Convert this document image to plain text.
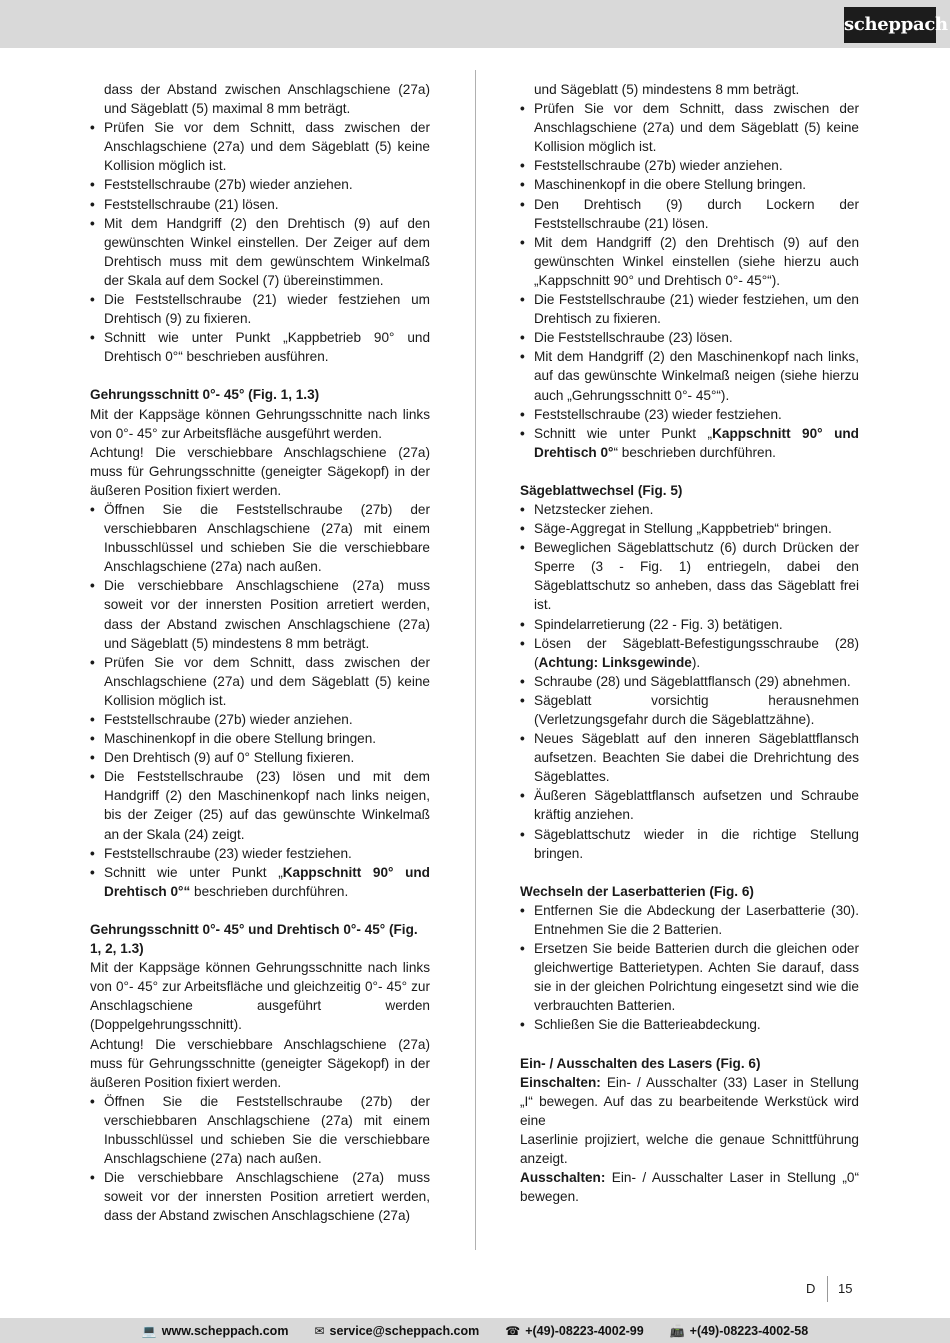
scheppach
dass der Abstand zwischen Anschlagschiene (27a) und Sägeblatt (5) maximal 8 mm beträgt.
• Prüfen Sie vor dem Schnitt, dass zwischen der Anschlagschiene (27a) und dem Sägeblatt (5) keine Kollision möglich ist.
• Feststellschraube (27b) wieder anziehen.
• Feststellschraube (21) lösen.
• Mit dem Handgriff (2) den Drehtisch (9) auf den gewünschten Winkel einstellen. Der Zeiger auf dem Drehtisch muss mit dem gewünschtem Winkelmaß der Skala auf dem Sockel (7) übereinstimmen.
• Die Feststellschraube (21) wieder festziehen um Drehtisch (9) zu fixieren.
• Schnitt wie unter Punkt „Kappbetrieb 90° und Drehtisch 0°“ beschrieben ausführen.
Gehrungsschnitt 0°- 45° (Fig. 1, 1.3)
Mit der Kappsäge können Gehrungsschnitte nach links von 0°- 45° zur Arbeitsfläche ausgeführt werden.
Achtung! Die verschiebbare Anschlagschiene (27a) muss für Gehrungsschnitte (geneigter Sägekopf) in der äußeren Position fixiert werden.
• Öffnen Sie die Feststellschraube (27b) der verschiebbaren Anschlagschiene (27a) mit einem Inbusschlüssel und schieben Sie die verschiebbare Anschlagschiene (27a) nach außen.
• Die verschiebbare Anschlagschiene (27a) muss soweit vor der innersten Position arretiert werden, dass der Abstand zwischen Anschlagschiene (27a) und Sägeblatt (5) mindestens 8 mm beträgt.
• Prüfen Sie vor dem Schnitt, dass zwischen der Anschlagschiene (27a) und dem Sägeblatt (5) keine Kollision möglich ist.
• Feststellschraube (27b) wieder anziehen.
• Maschinenkopf in die obere Stellung bringen.
• Den Drehtisch (9) auf 0° Stellung fixieren.
• Die Feststellschraube (23) lösen und mit dem Handgriff (2) den Maschinenkopf nach links neigen, bis der Zeiger (25) auf das gewünschte Winkelmaß an der Skala (24) zeigt.
• Feststellschraube (23) wieder festziehen.
• Schnitt wie unter Punkt „Kappschnitt 90° und Drehtisch 0°“ beschrieben durchführen.
Gehrungsschnitt 0°- 45° und Drehtisch 0°- 45° (Fig. 1, 2, 1.3)
Mit der Kappsäge können Gehrungsschnitte nach links von 0°- 45° zur Arbeitsfläche und gleichzeitig 0°- 45° zur Anschlagschiene ausgeführt werden (Doppelgehrungsschnitt).
Achtung! Die verschiebbare Anschlagschiene (27a) muss für Gehrungsschnitte (geneigter Sägekopf) in der äußeren Position fixiert werden.
• Öffnen Sie die Feststellschraube (27b) der verschiebbaren Anschlagschiene (27a) mit einem Inbusschlüssel und schieben Sie die verschiebbare Anschlagschiene (27a) nach außen.
• Die verschiebbare Anschlagschiene (27a) muss soweit vor der innersten Position arretiert werden, dass der Abstand zwischen Anschlagschiene (27a)
und Sägeblatt (5) mindestens 8 mm beträgt.
• Prüfen Sie vor dem Schnitt, dass zwischen der Anschlagschiene (27a) und dem Sägeblatt (5) keine Kollision möglich ist.
• Feststellschraube (27b) wieder anziehen.
• Maschinenkopf in die obere Stellung bringen.
• Den Drehtisch (9) durch Lockern der Feststellschraube (21) lösen.
• Mit dem Handgriff (2) den Drehtisch (9) auf den gewünschten Winkel einstellen (siehe hierzu auch „Kappschnitt 90° und Drehtisch 0°- 45°“).
• Die Feststellschraube (21) wieder festziehen, um den Drehtisch zu fixieren.
• Die Feststellschraube (23) lösen.
• Mit dem Handgriff (2) den Maschinenkopf nach links, auf das gewünschte Winkelmaß neigen (siehe hierzu auch „Gehrungsschnitt 0°- 45°“).
• Feststellschraube (23) wieder festziehen.
• Schnitt wie unter Punkt „Kappschnitt 90° und Drehtisch 0°“ beschrieben durchführen.
Sägeblattwechsel (Fig. 5)
• Netzstecker ziehen.
• Säge-Aggregat in Stellung „Kappbetrieb“ bringen.
• Beweglichen Sägeblattschutz (6) durch Drücken der Sperre (3 - Fig. 1) entriegeln, dabei den Sägeblattschutz so anheben, dass das Sägeblatt frei ist.
• Spindelarretierung (22 - Fig. 3) betätigen.
• Lösen der Sägeblatt-Befestigungsschraube (28) (Achtung: Linksgewinde).
• Schraube (28) und Sägeblattflansch (29) abnehmen.
• Sägeblatt vorsichtig herausnehmen (Verletzungsgefahr durch die Sägeblattzähne).
• Neues Sägeblatt auf den inneren Sägeblattflansch aufsetzen. Beachten Sie dabei die Drehrichtung des Sägeblattes.
• Äußeren Sägeblattflansch aufsetzen und Schraube kräftig anziehen.
• Sägeblattschutz wieder in die richtige Stellung bringen.
Wechseln der Laserbatterien (Fig. 6)
• Entfernen Sie die Abdeckung der Laserbatterie (30). Entnehmen Sie die 2 Batterien.
• Ersetzen Sie beide Batterien durch die gleichen oder gleichwertige Batterietypen. Achten Sie darauf, dass sie in der gleichen Polrichtung eingesetzt sind wie die verbrauchten Batterien.
• Schließen Sie die Batterieabdeckung.
Ein- / Ausschalten des Lasers (Fig. 6)
Einschalten: Ein- / Ausschalter (33) Laser in Stellung „I“ bewegen. Auf das zu bearbeitende Werkstück wird eine
Laserlinie projiziert, welche die genaue Schnittführung anzeigt.
Ausschalten: Ein- / Ausschalter Laser in Stellung „0“ bewegen.
D 15
💻 www.scheppach.com ✉ service@scheppach.com ☎ +(49)-08223-4002-99 📠 +(49)-08223-4002-58
